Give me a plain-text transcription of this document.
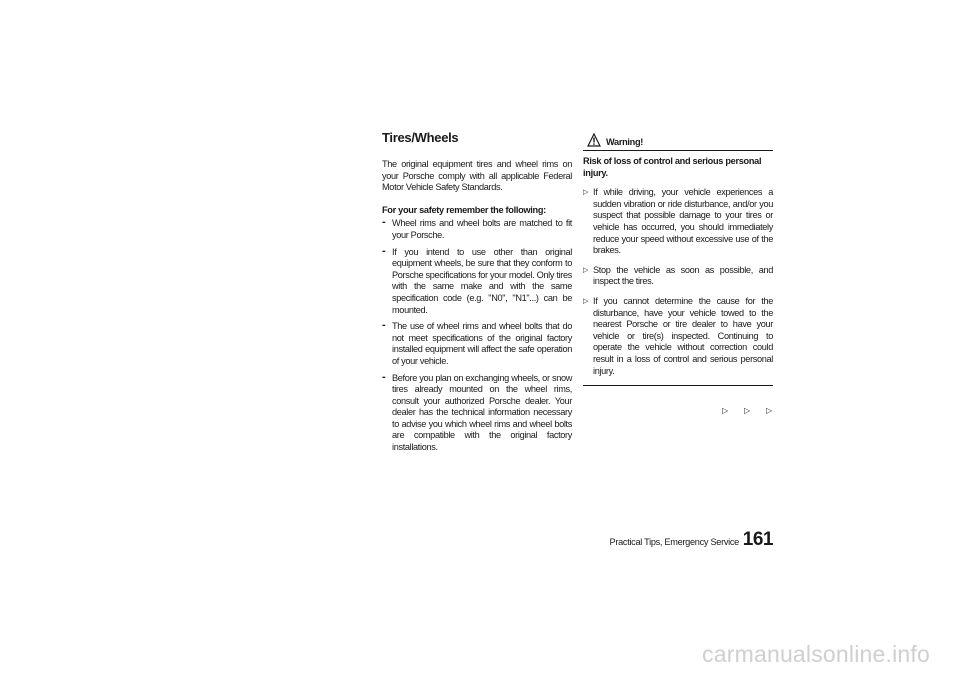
Tires/Wheels

The original equipment tires and wheel rims on your Porsche comply with all applicable Federal Motor Vehicle Safety Standards.

For your safety remember the following:

- Wheel rims and wheel bolts are matched to fit your Porsche.

- If you intend to use other than original equipment wheels, be sure that they conform to Porsche specifications for your model. Only tires with the same make and with the same specification code (e.g. "N0", "N1"...) can be mounted.

- The use of wheel rims and wheel bolts that do not meet specifications of the original factory installed equipment will affect the safe operation of your vehicle.

- Before you plan on exchanging wheels, or snow tires already mounted on the wheel rims, consult your authorized Porsche dealer. Your dealer has the technical information necessary to advise you which wheel rims and wheel bolts are compatible with the original factory installations.

Warning!

Risk of loss of control and serious personal injury.

▷ If while driving, your vehicle experiences a sudden vibration or ride disturbance, and/or you suspect that possible damage to your tires or vehicle has occurred, you should immediately reduce your speed without excessive use of the brakes.

▷ Stop the vehicle as soon as possible, and inspect the tires.

▷ If you cannot determine the cause for the disturbance, have your vehicle towed to the nearest Porsche or tire dealer to have your vehicle or tire(s) inspected. Continuing to operate the vehicle without correction could result in a loss of control and serious personal injury.

▷ ▷ ▷
Practical Tips, Emergency Service 161
carmanualsonline.info
